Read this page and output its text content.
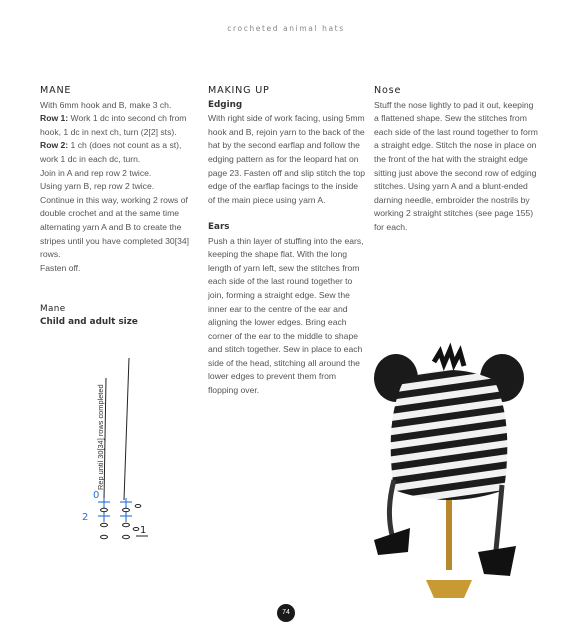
crocheted animal hats
MANE

With 6mm hook and B, make 3 ch.

Row 1: Work 1 dc into second ch from hook, 1 dc in next ch, turn (2[2] sts).

Row 2: 1 ch (does not count as a st), work 1 dc in each dc, turn.

Join in A and rep row 2 twice.

Using yarn B, rep row 2 twice.

Continue in this way, working 2 rows of double crochet and at the same time alternating yarn A and B to create the stripes until you have completed 30[34] rows.

Fasten off.

Mane
Child and adult size
Rep until 30[34] rows completed
0
2
1
MAKING UP
Edging

With right side of work facing, using 5mm hook and B, rejoin yarn to the back of the hat by the second earflap and follow the edging pattern as for the leopard hat on page 23. Fasten off and slip stitch the top edge of the earflap facings to the inside of the main piece using yarn A.

Ears

Push a thin layer of stuffing into the ears, keeping the shape flat. With the long length of yarn left, sew the stitches from each side of the last round together to join, forming a straight edge. Sew the inner ear to the centre of the ear and aligning the lower edges. Bring each corner of the ear to the middle to shape and stitch together. Sew in place to each side of the head, stitching all around the lower edges to prevent them from flopping over.

Nose

Stuff the nose lightly to pad it out, keeping a flattened shape. Sew the stitches from each side of the last round together to form a straight edge. Stitch the nose in place on the front of the hat with the straight edge sitting just above the second row of edging stitches. Using yarn A and a blunt-ended darning needle, embroider the nostrils by working 2 straight stitches (see page 155) for each.

74
